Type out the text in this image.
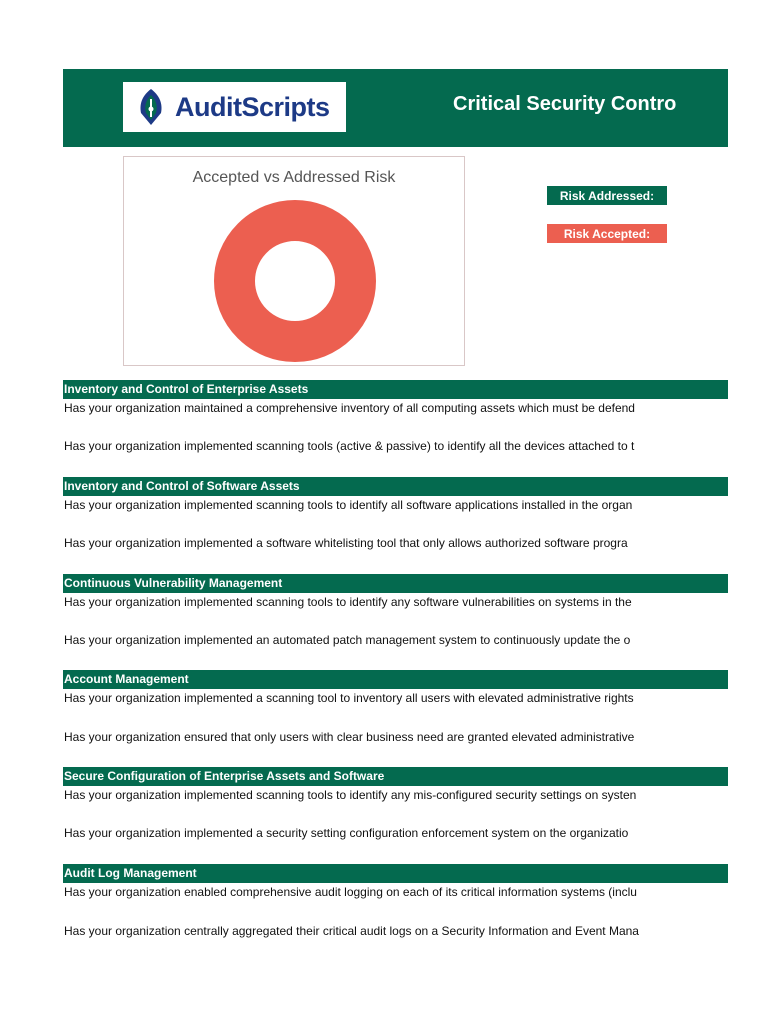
AuditScripts	Critical Security Contro
Accepted vs Addressed Risk
Risk Addressed:
Risk Accepted:
Inventory and Control of Enterprise Assets
Has your organization maintained a comprehensive inventory of all computing assets which must be defend
Has your organization implemented scanning tools (active & passive) to identify all the devices attached to t
Inventory and Control of Software Assets
Has your organization implemented scanning tools to identify all software applications installed in the organ
Has your organization implemented a software whitelisting tool that only allows authorized software progra
Continuous Vulnerability Management
Has your organization implemented scanning tools to identify any software vulnerabilities on systems in the
Has your organization implemented an automated patch management system to continuously update the o
Account Management
Has your organization implemented a scanning tool to inventory all users with elevated administrative rights
Has your organization ensured that only users with clear business need are granted elevated administrative
Secure Configuration of Enterprise Assets and Software
Has your organization implemented scanning tools to identify any mis-configured security settings on systen
Has your organization implemented a security setting configuration enforcement system on the organizatio
Audit Log Management
Has your organization enabled comprehensive audit logging on each of its critical information systems (inclu
Has your organization centrally aggregated their critical audit logs on a Security Information and Event Mana
